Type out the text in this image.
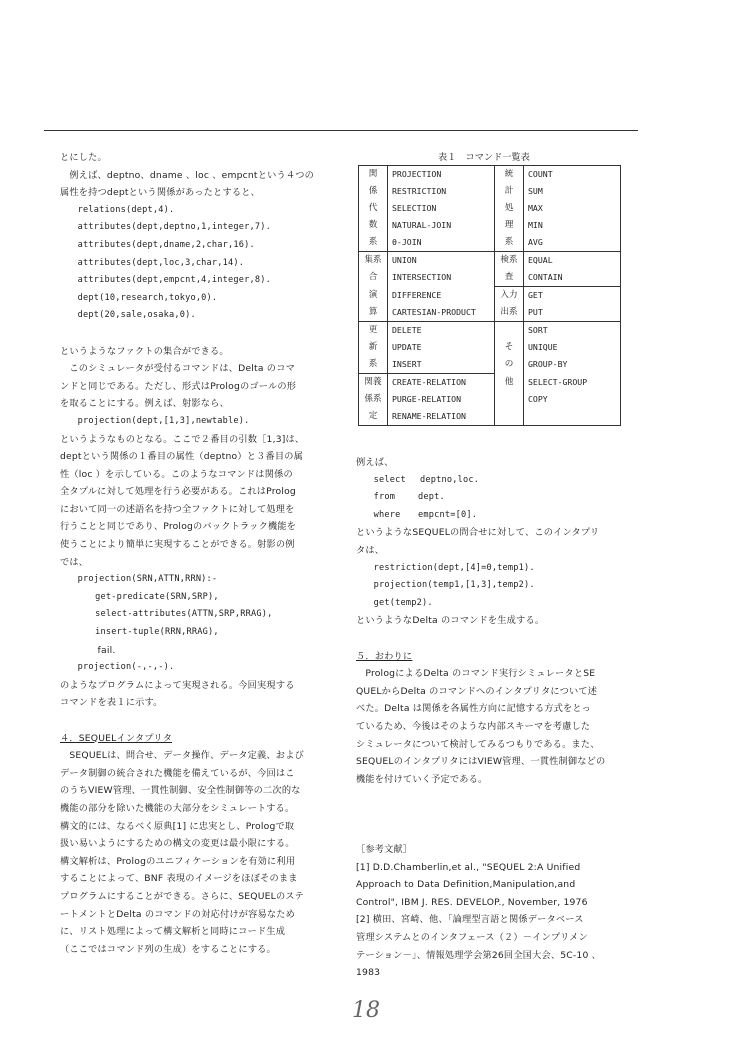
とにした。
　例えば、deptno、dname 、loc 、empcntという４つの
属性を持つdeptという関係があったとすると、
　　relations(dept,4).
　　attributes(dept,deptno,1,integer,7).
　　attributes(dept,dname,2,char,16).
　　attributes(dept,loc,3,char,14).
　　attributes(dept,empcnt,4,integer,8).
　　dept(10,research,tokyo,0).
　　dept(20,sale,osaka,0).
というようなファクトの集合ができる。
　このシミュレータが受付るコマンドは、Delta のコマ
ンドと同じである。ただし、形式はPrologのゴールの形
を取ることにする。例えば、射影なら、
　　projection(dept,[1,3],newtable).
というようなものとなる。ここで２番目の引数［1,3]は、
deptという関係の１番目の属性（deptno）と３番目の属
性（loc ）を示している。このようなコマンドは関係の
全タプルに対して処理を行う必要がある。これはProlog
において同一の述語名を持つ全ファクトに対して処理を
行うことと同じであり、Prologのバックトラック機能を
使うことにより簡単に実現することができる。射影の例
では、
　　projection(SRN,ATTN,RRN):-
　　　　get-predicate(SRN,SRP),
　　　　select-attributes(ATTN,SRP,RRAG),
　　　　insert-tuple(RRN,RRAG),
　　　　fail.
　　projection(-,-,-).
のようなプログラムによって実現される。今回実現する
コマンドを表１に示す。
４．SEQUELインタプリタ
　SEQUELは、問合せ、データ操作、データ定義、および
データ制御の統合された機能を備えているが、今回はこ
のうちVIEW管理、一貫性制御、安全性制御等の二次的な
機能の部分を除いた機能の大部分をシミュレートする。
構文的には、なるべく原典[1] に忠実とし、Prologで取
扱い易いようにするための構文の変更は最小限にする。
構文解析は、Prologのユニフィケーションを有効に利用
することによって、BNF 表現のイメージをほぼそのまま
プログラムにすることができる。さらに、SEQUELのステ
ートメントとDelta のコマンドの対応付けが容易なため
に、リスト処理によって構文解析と同時にコード生成
（ここではコマンド列の生成）をすることにする。
表１　コマンド一覧表
関	PROJECTION	統	COUNT
係	RESTRICTION	計	SUM
代	SELECTION	処	MAX
数	NATURAL-JOIN	理	MIN
系	θ-JOIN	系	AVG
集系	UNION	検系	EQUAL
合	INTERSECTION	査	CONTAIN
演	DIFFERENCE	入力	GET
算	CARTESIAN-PRODUCT	出系	PUT
更	DELETE		SORT
新	UPDATE	そ	UNIQUE
系	INSERT	の	GROUP-BY
関義	CREATE-RELATION	他	SELECT-GROUP
係系	PURGE-RELATION		COPY
定	RENAME-RELATION		
例えば、
　　select　 deptno,loc.
　　from　　 dept.
　　where　　empcnt=[0].
というようなSEQUELの問合せに対して、このインタプリ
タは、
　　restriction(dept,[4]=0,temp1).
　　projection(temp1,[1,3],temp2).
　　get(temp2).
というようなDelta のコマンドを生成する。
５．おわりに
　PrologによるDelta のコマンド実行シミュレータとSE
QUELからDelta のコマンドへのインタプリタについて述
べた。Delta は関係を各属性方向に記憶する方式をとっ
ているため、今後はそのような内部スキーマを考慮した
シミュレータについて検討してみるつもりである。また、
SEQUELのインタプリタにはVIEW管理、一貫性制御などの
機能を付けていく予定である。
［参考文献］
[1] D.D.Chamberlin,et al., "SEQUEL 2:A Unified
Approach to Data Definition,Manipulation,and
Control", IBM J. RES. DEVELOP., November, 1976
[2] 横田、宮崎、他、「論理型言語と関係データベース
管理システムとのインタフェース（２）－インプリメン
テーション－」、情報処理学会第26回全国大会、5C-10 、
1983
18
